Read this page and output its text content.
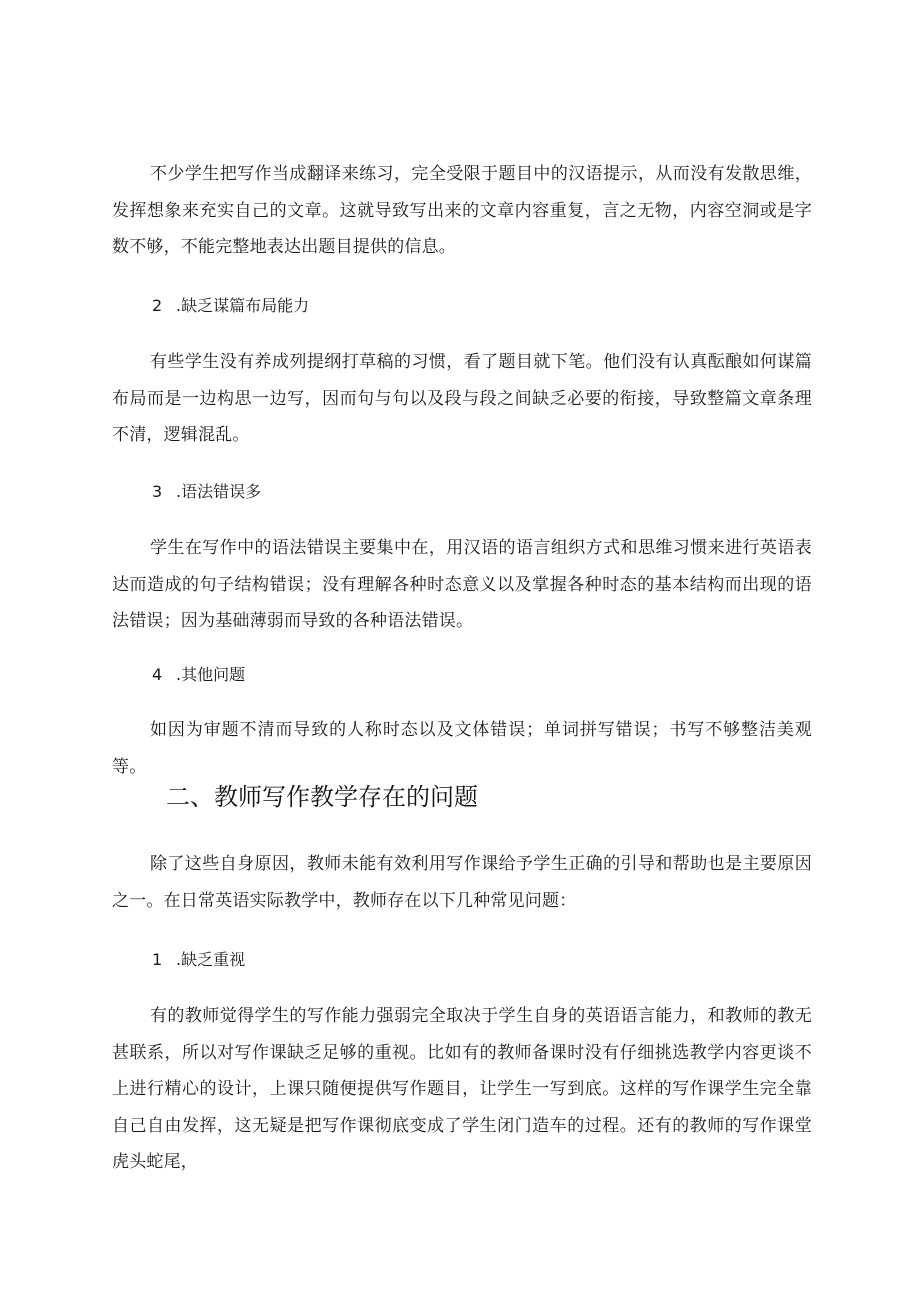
不少学生把写作当成翻译来练习，完全受限于题目中的汉语提示，从而没有发散思维，发挥想象来充实自己的文章。这就导致写出来的文章内容重复，言之无物，内容空洞或是字数不够，不能完整地表达出题目提供的信息。

2 .缺乏谋篇布局能力

有些学生没有养成列提纲打草稿的习惯，看了题目就下笔。他们没有认真酝酿如何谋篇布局而是一边构思一边写，因而句与句以及段与段之间缺乏必要的衔接，导致整篇文章条理不清，逻辑混乱。

3 .语法错误多

学生在写作中的语法错误主要集中在，用汉语的语言组织方式和思维习惯来进行英语表达而造成的句子结构错误；没有理解各种时态意义以及掌握各种时态的基本结构而出现的语法错误；因为基础薄弱而导致的各种语法错误。

4 .其他问题

如因为审题不清而导致的人称时态以及文体错误；单词拼写错误；书写不够整洁美观等。

二、教师写作教学存在的问题

除了这些自身原因，教师未能有效利用写作课给予学生正确的引导和帮助也是主要原因之一。在日常英语实际教学中，教师存在以下几种常见问题：

1 .缺乏重视

有的教师觉得学生的写作能力强弱完全取决于学生自身的英语语言能力，和教师的教无甚联系，所以对写作课缺乏足够的重视。比如有的教师备课时没有仔细挑选教学内容更谈不上进行精心的设计，上课只随便提供写作题目，让学生一写到底。这样的写作课学生完全靠自己自由发挥，这无疑是把写作课彻底变成了学生闭门造车的过程。还有的教师的写作课堂虎头蛇尾，
